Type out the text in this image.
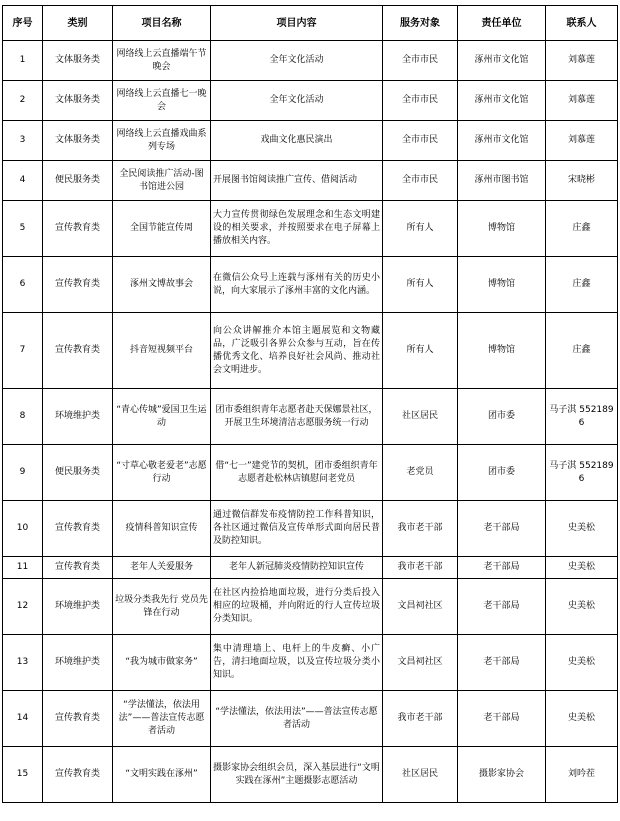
序号	类别	项目名称	项目内容	服务对象	责任单位	联系人
1	文体服务类	网络线上云直播端午节晚会	全年文化活动	全市市民	涿州市文化馆	刘慕莲
2	文体服务类	网络线上云直播七一晚会	全年文化活动	全市市民	涿州市文化馆	刘慕莲
3	文体服务类	网络线上云直播戏曲系列专场	戏曲文化惠民演出	全市市民	涿州市文化馆	刘慕莲
4	便民服务类	全民阅读推广活动-图书馆进公园	开展图书馆阅读推广宣传、借阅活动	全市市民	涿州市图书馆	宋晓彬
5	宣传教育类	全国节能宣传周	大力宣传贯彻绿色发展理念和生态文明建设的相关要求，并按照要求在电子屏幕上播放相关内容。	所有人	博物馆	庄鑫
6	宣传教育类	涿州文博故事会	在微信公众号上连载与涿州有关的历史小说，向大家展示了涿州丰富的文化内涵。	所有人	博物馆	庄鑫
7	宣传教育类	抖音短视频平台	向公众讲解推介本馆主题展览和文物藏品，广泛吸引各界公众参与互动，旨在传播优秀文化、培养良好社会风尚、推动社会文明进步。	所有人	博物馆	庄鑫
8	环境维护类	“青心传城”爱国卫生运动	团市委组织青年志愿者赴天保娜景社区，开展卫生环境清洁志愿服务统一行动	社区居民	团市委	马子淇 5521896
9	便民服务类	“寸草心敬老爱老”志愿行动	借“七一”建党节的契机，团市委组织青年志愿者赴松林店镇慰问老党员	老党员	团市委	马子淇 5521896
10	宣传教育类	疫情科普知识宣传	通过微信群发布疫情防控工作科普知识，各社区通过微信及宣传单形式面向居民普及防控知识。	我市老干部	老干部局	史美松
11	宣传教育类	老年人关爱服务	老年人新冠肺炎疫情防控知识宣传	我市老干部	老干部局	史美松
12	环境维护类	垃圾分类我先行 党员先锋在行动	在社区内捡拾地面垃圾，进行分类后投入相应的垃圾桶，并向附近的行人宣传垃圾分类知识。	文昌祠社区	老干部局	史美松
13	环境维护类	“我为城市做家务”	集中清理墙上、电杆上的牛皮癣、小广告，清扫地面垃圾，以及宣传垃圾分类小知识。	文昌祠社区	老干部局	史美松
14	宣传教育类	“学法懂法，依法用法”——普法宣传志愿者活动	“学法懂法，依法用法”——普法宣传志愿者活动	我市老干部	老干部局	史美松
15	宣传教育类	“文明实践在涿州”	摄影家协会组织会员，深入基层进行“文明实践在涿州”主题摄影志愿活动	社区居民	摄影家协会	刘吟茬
